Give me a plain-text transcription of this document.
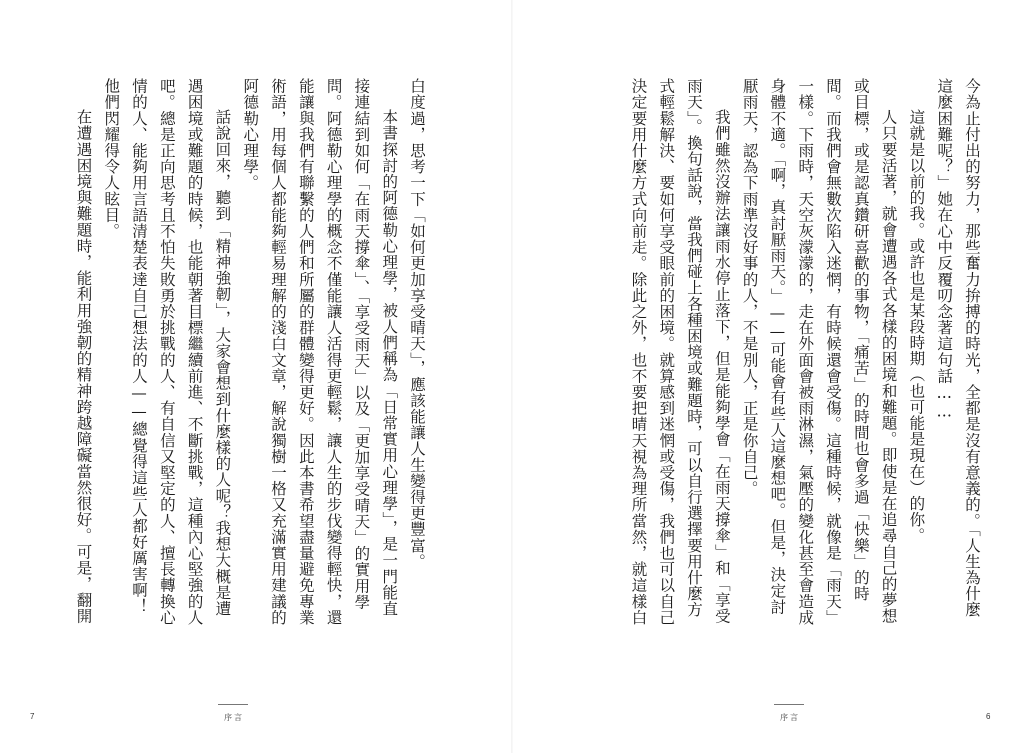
白度過，思考一下「如何更加享受晴天」，應該能讓人生變得更豐富。

本書探討的阿德勒心理學，被人們稱為「日常實用心理學」，是一門能直接連結到如何「在雨天撐傘」、「享受雨天」以及「更加享受晴天」的實用學問。阿德勒心理學的概念不僅能讓人活得更輕鬆，讓人生的步伐變得輕快，還能讓與我們有聯繫的人們和所屬的群體變得更好。因此本書希望盡量避免專業術語，用每個人都能夠輕易理解的淺白文章，解說獨樹一格又充滿實用建議的阿德勒心理學。

話說回來，聽到「精神強韌」，大家會想到什麼樣的人呢？我想大概是遭遇困境或難題的時候，也能朝著目標繼續前進、不斷挑戰，這種內心堅強的人吧。總是正向思考且不怕失敗勇於挑戰的人、有自信又堅定的人、擅長轉換心情的人、能夠用言語清楚表達自己想法的人——總覺得這些人都好厲害啊！他們閃耀得令人眩目。

在遭遇困境與難題時，能利用強韌的精神跨越障礙當然很好。可是，翻開

序言
7

今為止付出的努力，那些奮力拚搏的時光，全都是沒有意義的。「人生為什麼這麼困難呢？」她在心中反覆叨念著這句話……

這就是以前的我。或許也是某段時期（也可能是現在）的你。

人只要活著，就會遭遇各式各樣的困境和難題。即使是在追尋自己的夢想或目標，或是認真鑽研喜歡的事物，「痛苦」的時間也會多過「快樂」的時間。而我們會無數次陷入迷惘，有時候還會受傷。這種時候，就像是「雨天」一樣。下雨時，天空灰濛濛的，走在外面會被雨淋濕，氣壓的變化甚至會造成身體不適。「啊，真討厭雨天。」——可能會有些人這麼想吧。但是，決定討厭雨天，認為下雨準沒好事的人，不是別人，正是你自己。

我們雖然沒辦法讓雨水停止落下，但是能夠學會「在雨天撐傘」和「享受雨天」。換句話說，當我們碰上各種困境或難題時，可以自行選擇要用什麼方式輕鬆解決、要如何享受眼前的困境。就算感到迷惘或受傷，我們也可以自己決定要用什麼方式向前走。除此之外，也不要把晴天視為理所當然，就這樣白

序言	6
